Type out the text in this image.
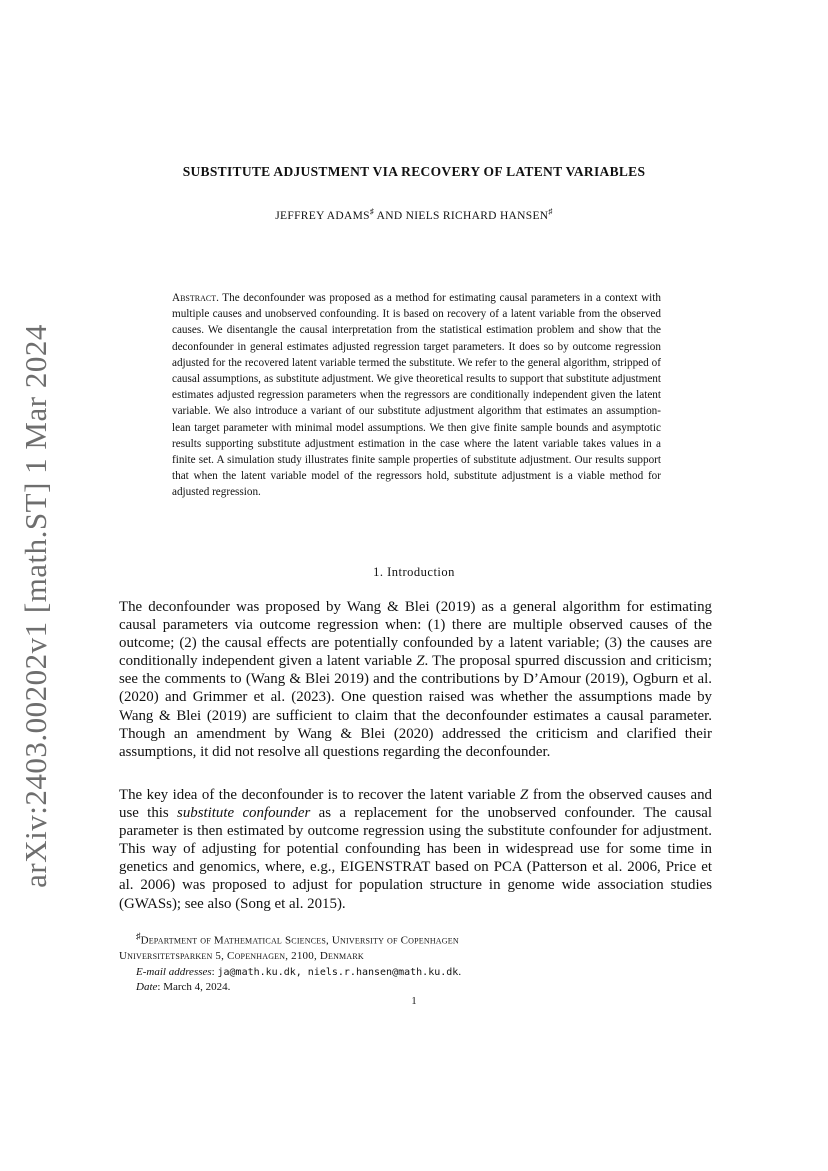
arXiv:2403.00202v1 [math.ST] 1 Mar 2024
SUBSTITUTE ADJUSTMENT VIA RECOVERY OF LATENT VARIABLES
JEFFREY ADAMS♯ AND NIELS RICHARD HANSEN♯
Abstract. The deconfounder was proposed as a method for estimating causal parameters in a context with multiple causes and unobserved confounding. It is based on recovery of a latent variable from the observed causes. We disentangle the causal interpretation from the statistical estimation problem and show that the deconfounder in general estimates adjusted regression target parameters. It does so by outcome regression adjusted for the recovered latent variable termed the substitute. We refer to the general algorithm, stripped of causal assumptions, as substitute adjustment. We give theoretical results to support that substitute adjustment estimates adjusted regression parameters when the regressors are conditionally independent given the latent variable. We also introduce a variant of our substitute adjustment algorithm that estimates an assumption-lean target parameter with minimal model assumptions. We then give finite sample bounds and asymptotic results supporting substitute adjustment estimation in the case where the latent variable takes values in a finite set. A simulation study illustrates finite sample properties of substitute adjustment. Our results support that when the latent variable model of the regressors hold, substitute adjustment is a viable method for adjusted regression.
1. Introduction
The deconfounder was proposed by Wang & Blei (2019) as a general algorithm for estimating causal parameters via outcome regression when: (1) there are multiple observed causes of the outcome; (2) the causal effects are potentially confounded by a latent variable; (3) the causes are conditionally independent given a latent variable Z. The proposal spurred discussion and criticism; see the comments to (Wang & Blei 2019) and the contributions by D’Amour (2019), Ogburn et al. (2020) and Grimmer et al. (2023). One question raised was whether the assumptions made by Wang & Blei (2019) are sufficient to claim that the deconfounder estimates a causal parameter. Though an amendment by Wang & Blei (2020) addressed the criticism and clarified their assumptions, it did not resolve all questions regarding the deconfounder.
The key idea of the deconfounder is to recover the latent variable Z from the observed causes and use this substitute confounder as a replacement for the unobserved confounder. The causal parameter is then estimated by outcome regression using the substitute confounder for adjustment. This way of adjusting for potential confounding has been in widespread use for some time in genetics and genomics, where, e.g., EIGENSTRAT based on PCA (Patterson et al. 2006, Price et al. 2006) was proposed to adjust for population structure in genome wide association studies (GWASs); see also (Song et al. 2015).
♯Department of Mathematical Sciences, University of Copenhagen
Universitetsparken 5, Copenhagen, 2100, Denmark
E-mail addresses: ja@math.ku.dk, niels.r.hansen@math.ku.dk.
Date: March 4, 2024.
1
